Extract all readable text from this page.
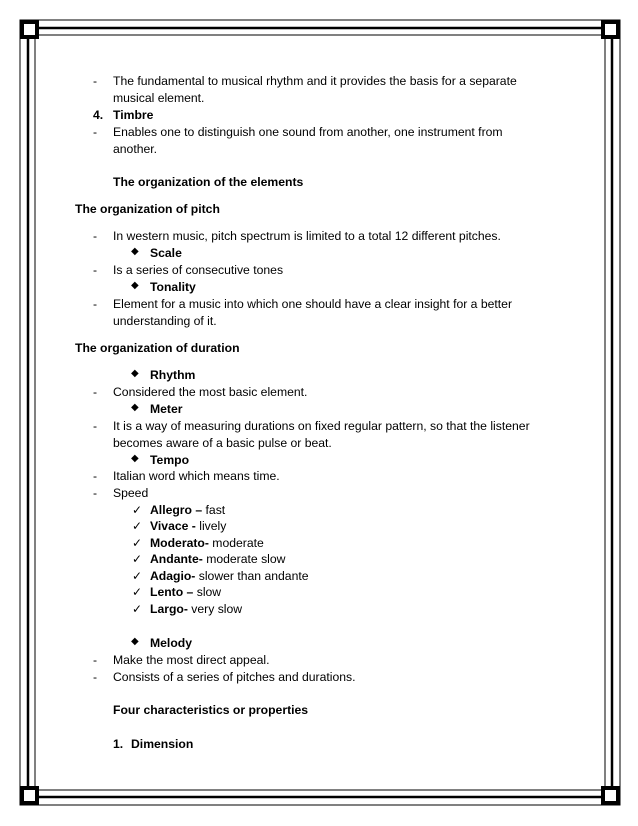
- The fundamental to musical rhythm and it provides the basis for a separate
musical element.
4. Timbre
- Enables one to distinguish one sound from another, one instrument from
another.
The organization of the elements
The organization of pitch
- In western music, pitch spectrum is limited to a total 12 different pitches.
◆ Scale
- Is a series of consecutive tones
◆ Tonality
- Element for a music into which one should have a clear insight for a better
understanding of it.
The organization of duration
◆ Rhythm
- Considered the most basic element.
◆ Meter
- It is a way of measuring durations on fixed regular pattern, so that the listener
becomes aware of a basic pulse or beat.
◆ Tempo
- Italian word which means time.
- Speed
✓ Allegro – fast
✓ Vivace - lively
✓ Moderato- moderate
✓ Andante- moderate slow
✓ Adagio- slower than andante
✓ Lento – slow
✓ Largo- very slow
◆ Melody
- Make the most direct appeal.
- Consists of a series of pitches and durations.
Four characteristics or properties
1. Dimension
